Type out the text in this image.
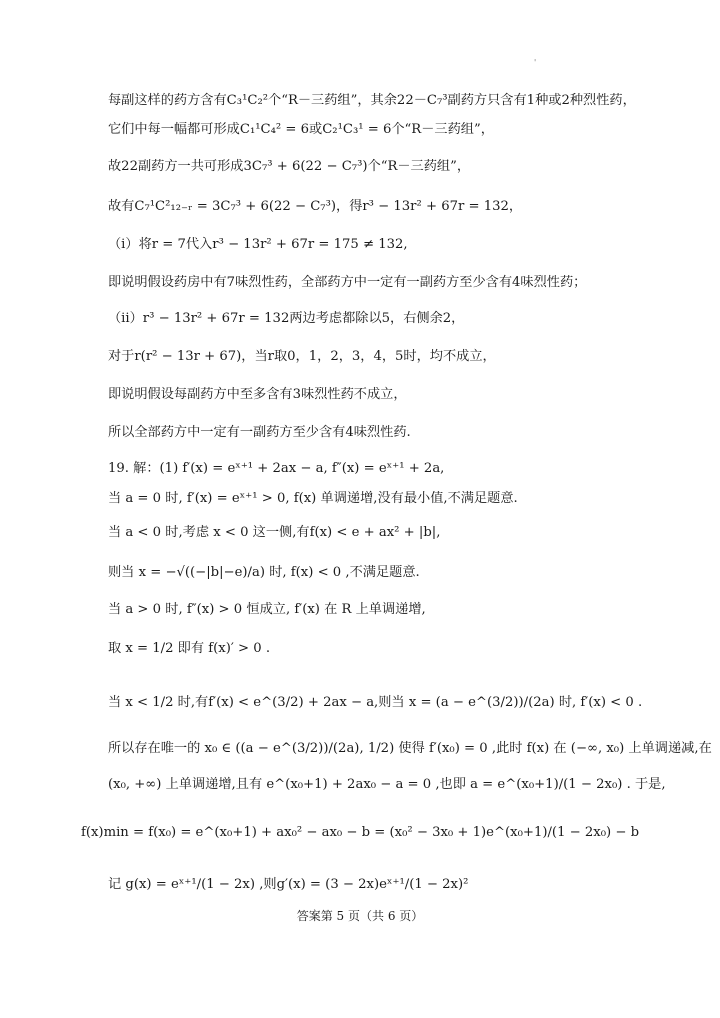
'
每副这样的药方含有C₃¹C₂²个“R－三药组”，其余22－C₇³副药方只含有1种或2种烈性药，
它们中每一幅都可形成C₁¹C₄² = 6或C₂¹C₃¹ = 6个“R－三药组”，
故22副药方一共可形成3C₇³ + 6(22 − C₇³)个“R－三药组”，
故有C₇¹C²₁₂₋ᵣ = 3C₇³ + 6(22 − C₇³)，得r³ − 13r² + 67r = 132，
（i）将r = 7代入r³ − 13r² + 67r = 175 ≠ 132,
即说明假设药房中有7味烈性药，全部药方中一定有一副药方至少含有4味烈性药；
（ii）r³ − 13r² + 67r = 132两边考虑都除以5，右侧余2，
对于r(r² − 13r + 67)，当r取0，1，2，3，4，5时，均不成立，
即说明假设每副药方中至多含有3味烈性药不成立，
所以全部药方中一定有一副药方至少含有4味烈性药.
19. 解：(1) f′(x) = eˣ⁺¹ + 2ax − a, f″(x) = eˣ⁺¹ + 2a,
当 a = 0 时, f′(x) = eˣ⁺¹ > 0, f(x) 单调递增,没有最小值,不满足题意.
当 a < 0 时,考虑 x < 0 这一侧,有f(x) < e + ax² + |b|,
则当 x = −√((−|b|−e)/a) 时, f(x) < 0 ,不满足题意.
当 a > 0 时, f″(x) > 0 恒成立, f′(x) 在 R 上单调递增,
取 x = 1/2 即有 f(x)′ > 0 .
当 x < 1/2 时,有f′(x) < e^(3/2) + 2ax − a,则当 x = (a − e^(3/2))/(2a) 时, f′(x) < 0 .
所以存在唯一的 x₀ ∈ ((a − e^(3/2))/(2a), 1/2) 使得 f′(x₀) = 0 ,此时 f(x) 在 (−∞, x₀) 上单调递减,在
(x₀, +∞) 上单调递增,且有 e^(x₀+1) + 2ax₀ − a = 0 ,也即 a = e^(x₀+1)/(1 − 2x₀) . 于是,
f(x)min = f(x₀) = e^(x₀+1) + ax₀² − ax₀ − b = (x₀² − 3x₀ + 1)e^(x₀+1)/(1 − 2x₀) − b
记 g(x) = eˣ⁺¹/(1 − 2x) ,则g′(x) = (3 − 2x)eˣ⁺¹/(1 − 2x)²
答案第 5 页（共 6 页）
